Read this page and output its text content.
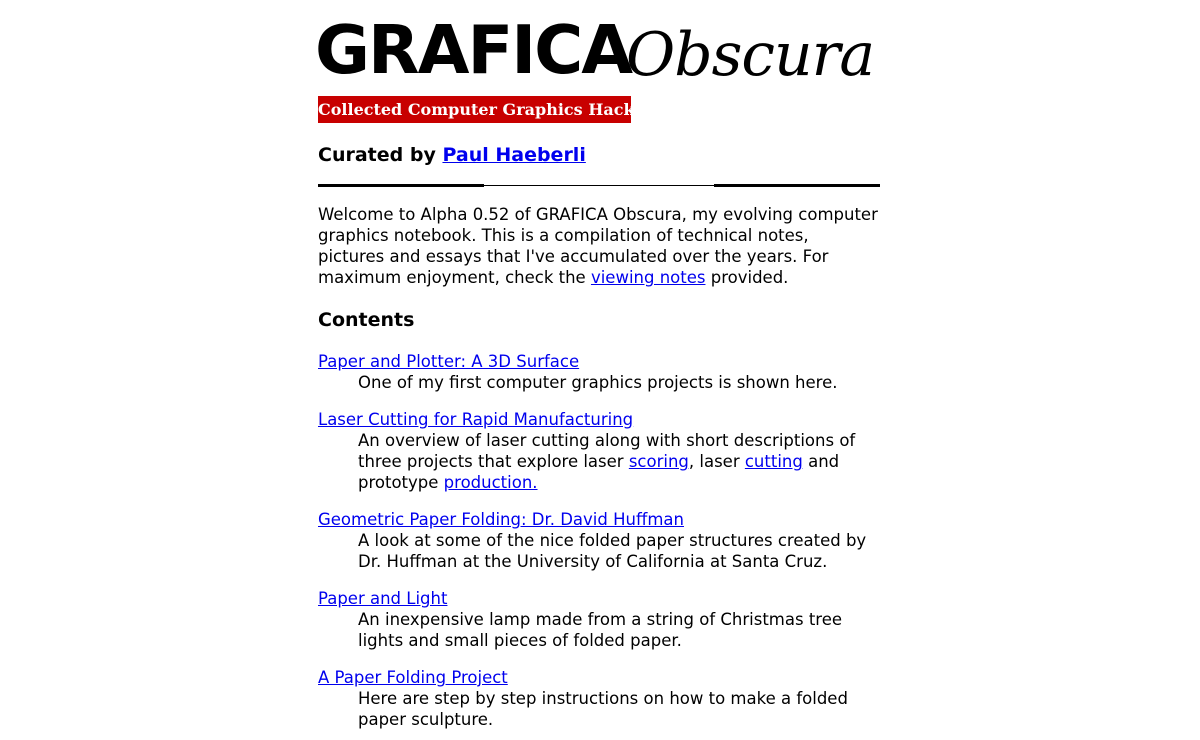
GRAFICA
Obscura
Collected Computer Graphics Hacks
Curated by Paul Haeberli

Welcome to Alpha 0.52 of GRAFICA Obscura, my evolving computer graphics notebook. This is a compilation of technical notes, pictures and essays that I've accumulated over the years. For maximum enjoyment, check the viewing notes provided.

Contents
Paper and Plotter: A 3D Surface
One of my first computer graphics projects is shown here.
Laser Cutting for Rapid Manufacturing
An overview of laser cutting along with short descriptions of three projects that explore laser scoring, laser cutting and prototype production.
Geometric Paper Folding: Dr. David Huffman
A look at some of the nice folded paper structures created by Dr. Huffman at the University of California at Santa Cruz.
Paper and Light
An inexpensive lamp made from a string of Christmas tree lights and small pieces of folded paper.
A Paper Folding Project
Here are step by step instructions on how to make a folded paper sculpture.
